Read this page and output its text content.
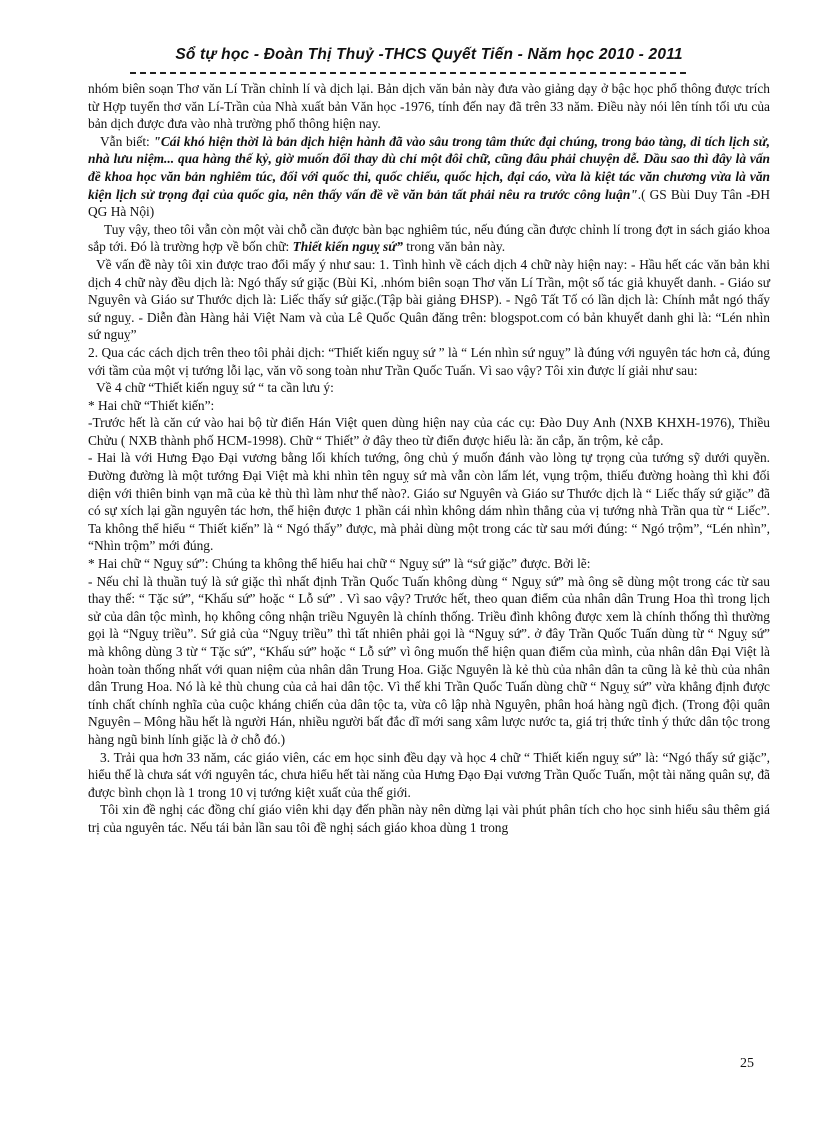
Sổ tự học - Đoàn Thị Thuỷ -THCS Quyết Tiến - Năm học 2010 - 2011

nhóm biên soạn Thơ văn Lí Trần chỉnh lí và dịch lại. Bản dịch văn bản này đưa vào giảng dạy ở bậc học phổ thông được trích từ Hợp tuyển thơ văn Lí-Trần của Nhà xuất bản Văn học -1976, tính đến nay đã trên 33 năm. Điều này nói lên tính tối ưu của bản dịch được đưa vào nhà trường phổ thông hiện nay.

Vẫn biết: "Cái khó hiện thời là bản dịch hiện hành đã vào sâu trong tâm thức đại chúng, trong bảo tàng, di tích lịch sử, nhà lưu niệm... qua hàng thế kỷ, giờ muốn đổi thay dù chỉ một đôi chữ, cũng đâu phải chuyện dễ. Dầu sao thì đây là vấn đề khoa học văn bản nghiêm túc, đối với quốc thi, quốc chiếu, quốc hịch, đại cáo, vừa là kiệt tác văn chương vừa là văn kiện lịch sử trọng đại của quốc gia, nên thấy vấn đề về văn bản tất phải nêu ra trước công luận".( GS Bùi Duy Tân -ĐH QG Hà Nội)

Tuy vậy, theo tôi vẫn còn một vài chỗ cần được bàn bạc nghiêm túc, nếu đúng cần được chỉnh lí trong đợt in sách giáo khoa sắp tới. Đó là trường hợp về bốn chữ: Thiết kiến nguỵ sứ” trong văn bản này.

Về vấn đề này tôi xin được trao đổi mấy ý như sau: 1. Tình hình về cách dịch 4 chữ này hiện nay: - Hầu hết các văn bản khi dịch 4 chữ này đều dịch là: Ngó thấy sứ giặc (Bùi Kỉ, .nhóm biên soạn Thơ văn Lí Trần, một số tác giả khuyết danh. - Giáo sư Nguyên và Giáo sư Thước dịch là: Liếc thấy sứ giặc.(Tập bài giảng ĐHSP). - Ngô Tất Tố có lần dịch là: Chính mắt ngó thấy sứ nguỵ. - Diễn đàn Hàng hải Việt Nam và của Lê Quốc Quân đăng trên: blogspot.com có bản khuyết danh ghi là: “Lén nhìn sứ nguỵ”

2. Qua các cách dịch trên theo tôi phải dịch: “Thiết kiến nguỵ sứ ” là “ Lén nhìn sứ nguỵ” là đúng với nguyên tác hơn cả, đúng với tầm của một vị tướng lỗi lạc, văn võ song toàn như Trần Quốc Tuấn. Vì sao vậy? Tôi xin được lí giải như sau:

Về 4 chữ “Thiết kiến nguỵ sứ “ ta cần lưu ý:

* Hai chữ “Thiết kiến”:

-Trước hết là căn cứ vào hai bộ từ điển Hán Việt quen dùng hiện nay của các cụ: Đào Duy Anh (NXB KHXH-1976), Thiều Chửu ( NXB thành phố HCM-1998). Chữ “ Thiết” ở đây theo từ điển được hiểu là: ăn cắp, ăn trộm, kẻ cắp.

- Hai là với Hưng Đạo Đại vương bằng lối khích tướng, ông chủ ý muốn đánh vào lòng tự trọng của tướng sỹ dưới quyền. Đường đường là một tướng Đại Việt mà khi nhìn tên nguỵ sứ mà vẫn còn lấm lét, vụng trộm, thiếu đường hoàng thì khi đối diện với thiên binh vạn mã của kẻ thù thì làm như thế nào?. Giáo sư Nguyên và Giáo sư Thước dịch là “ Liếc thấy sứ giặc” đã có sự xích lại gần nguyên tác hơn, thể hiện được 1 phần cái nhìn không dám nhìn thẳng của vị tướng nhà Trần qua từ “ Liếc”. Ta không thể hiểu “ Thiết kiến” là “ Ngó thấy” được, mà phải dùng một trong các từ sau mới đúng: “ Ngó trộm”, “Lén nhìn”, “Nhìn trộm” mới đúng.

* Hai chữ “ Nguỵ sứ”: Chúng ta không thể hiểu hai chữ “ Nguỵ sứ” là “sứ giặc” được. Bởi lẽ:

- Nếu chỉ là thuần tuý là sứ giặc thì nhất định Trần Quốc Tuấn không dùng “ Nguỵ sứ” mà ông sẽ dùng một trong các từ sau thay thế: “ Tặc sứ”, “Khấu sứ” hoặc “ Lỗ sứ” . Vì sao vậy? Trước hết, theo quan điểm của nhân dân Trung Hoa thì trong lịch sử của dân tộc mình, họ không công nhận triều Nguyên là chính thống. Triều đình không được xem là chính thống thì thường gọi là “Nguỵ triều”. Sứ giả của “Nguỵ triều” thì tất nhiên phải gọi là “Nguỵ sứ”. ở đây Trần Quốc Tuấn dùng từ “ Nguỵ sứ” mà không dùng 3 từ “ Tặc sứ”, “Khấu sứ” hoặc “ Lỗ sứ” vì ông muốn thể hiện quan điểm của mình, của nhân dân Đại Việt là hoàn toàn thống nhất với quan niệm của nhân dân Trung Hoa. Giặc Nguyên là kẻ thù của nhân dân ta cũng là kẻ thù của nhân dân Trung Hoa. Nó là kẻ thù chung của cả hai dân tộc. Vì thế khi Trần Quốc Tuấn dùng chữ “ Nguỵ sứ” vừa khẳng định được tính chất chính nghĩa của cuộc kháng chiến của dân tộc ta, vừa cô lập nhà Nguyên, phân hoá hàng ngũ địch. (Trong đội quân Nguyên – Mông hầu hết là người Hán, nhiều người bất đắc dĩ mới sang xâm lược nước ta, giá trị thức tỉnh ý thức dân tộc trong hàng ngũ binh lính giặc là ở chỗ đó.)

3. Trải qua hơn 33 năm, các giáo viên, các em học sinh đều dạy và học 4 chữ “ Thiết kiến nguỵ sứ” là: “Ngó thấy sứ giặc”, hiểu thế là chưa sát với nguyên tác, chưa hiểu hết tài năng của Hưng Đạo Đại vương Trần Quốc Tuấn, một tài năng quân sự, đã được bình chọn là 1 trong 10 vị tướng kiệt xuất của thế giới.

Tôi xin đề nghị các đồng chí giáo viên khi dạy đến phần này nên dừng lại vài phút phân tích cho học sinh hiểu sâu thêm giá trị của nguyên tác. Nếu tái bản lần sau tôi đề nghị sách giáo khoa dùng 1 trong

25
